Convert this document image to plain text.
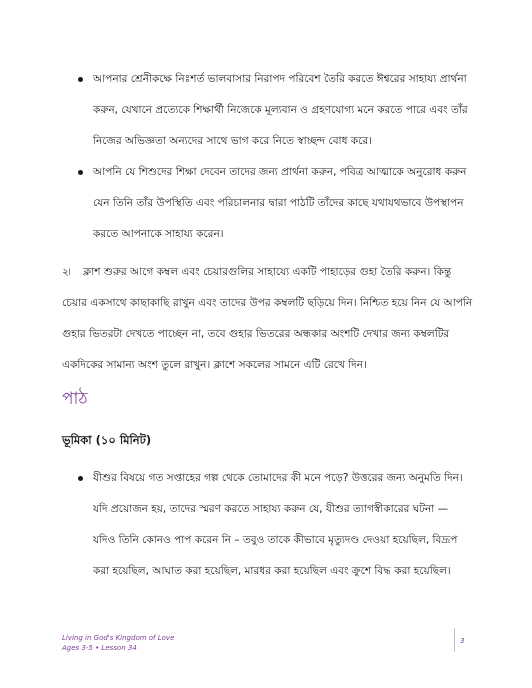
আপনার শ্রেনীকক্ষে নিঃশর্ত ভালবাসার নিরাপদ পরিবেশ তৈরি করতে ঈশ্বরের সাহায্য প্রার্থনা করুন, যেখানে প্রত্যেকে শিক্ষার্থী নিজেকে মূল্যবান ও গ্রহণযোগ্য মনে করতে পারে এবং তাঁর নিজের অভিজ্ঞতা অন্যদের সাথে ভাগ করে নিতে স্বাচ্ছন্দ বোধ করে।
আপনি যে শিশুদের শিক্ষা দেবেন তাদের জন্য প্রার্থনা করুন, পবিত্র আত্মাকে অনুরোধ করুন যেন তিনি তাঁর উপস্থিতি এবং পরিচালনার দ্বারা পাঠটি তাঁদের কাছে যথাযথভাবে উপস্থাপন করতে আপনাকে সাহায্য করেন।
২৷	ক্লাশ শুরুর আগে কম্বল এবং চেয়ারগুলির সাহায্যে একটি পাহাড়ের গুহা তৈরি করুন। কিন্তু চেয়ার একসাথে কাছাকাছি রাখুন এবং তাদের উপর কম্বলটি ছড়িয়ে দিন। নিশ্চিত হয়ে নিন যে আপনি গুহার ভিতরটা দেখতে পাচ্ছেন না, তবে গুহার ভিতরের অন্ধকার অংশটি দেখার জন্য কম্বলটির একদিকের সামান্য অংশ তুলে রাখুন। ক্লাশে সকলের সামনে এটি রেখে দিন।
পাঠ
ভূমিকা (১০ মিনিট)
যীশুর বিষয়ে গত সপ্তাহের গল্প থেকে তোমাদের কী মনে পড়ে? উত্তরের জন্য অনুমতি দিন। যদি প্রয়োজন হয়, তাদের স্মরণ করতে সাহায্য করুন যে, যীশুর ত্যাগস্বীকারের ঘটনা — যদিও তিনি কোনও পাপ করেন নি – তবুও তাকে কীভাবে মৃত্যুদণ্ড দেওয়া হয়েছিল, বিদ্রূপ করা হয়েছিল, আঘাত করা হয়েছিল, মারধর করা হয়েছিল এবং ক্রুশে বিদ্ধ করা হয়েছিল।
Living in God's Kingdom of Love
Ages 3-5 • Lesson 34
3
